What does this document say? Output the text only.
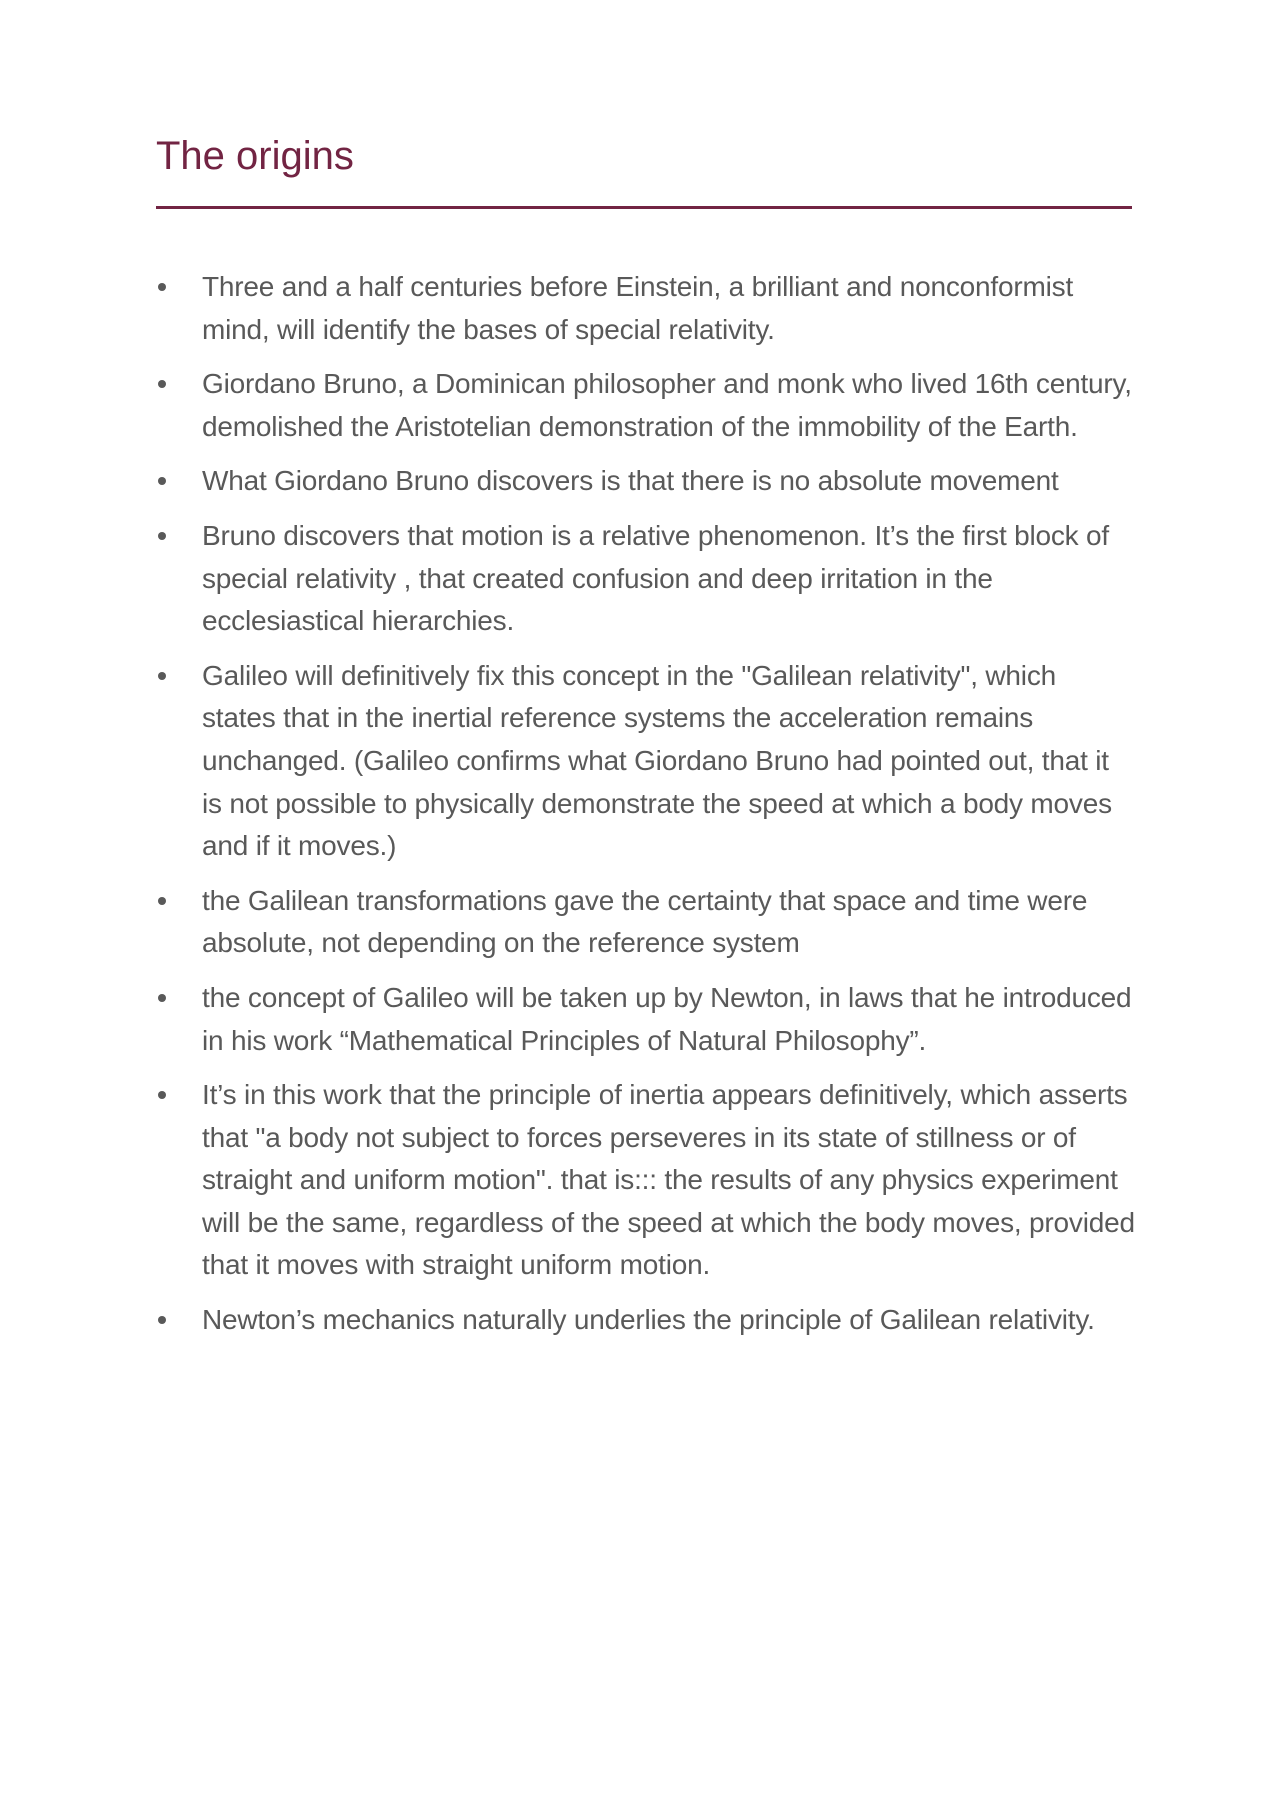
The origins
Three and a half centuries before Einstein, a brilliant and nonconformist mind, will identify the bases of special relativity.
Giordano Bruno, a Dominican philosopher and monk who lived 16th century, demolished the Aristotelian demonstration of the immobility of the Earth.
What Giordano Bruno discovers is that there is no absolute movement
Bruno discovers that motion is a relative phenomenon. It’s the first block of special relativity , that created confusion and deep irritation in the ecclesiastical hierarchies.
Galileo will definitively fix this concept in the "Galilean relativity", which states that in the inertial reference systems the acceleration remains unchanged. (Galileo confirms what Giordano Bruno had pointed out, that it is not possible to physically demonstrate the speed at which a body moves and if it moves.)
the Galilean transformations gave the certainty that space and time were absolute, not depending on the reference system
the concept of Galileo will be taken up by Newton, in laws that he introduced in his work “Mathematical Principles of Natural Philosophy”.
It’s in this work that the principle of inertia appears definitively, which asserts that "a body not subject to forces perseveres in its state of stillness or of straight and uniform motion". that is::: the results of any physics experiment will be the same, regardless of the speed at which the body moves, provided that it moves with straight uniform motion.
Newton’s mechanics naturally underlies the principle of Galilean relativity.
